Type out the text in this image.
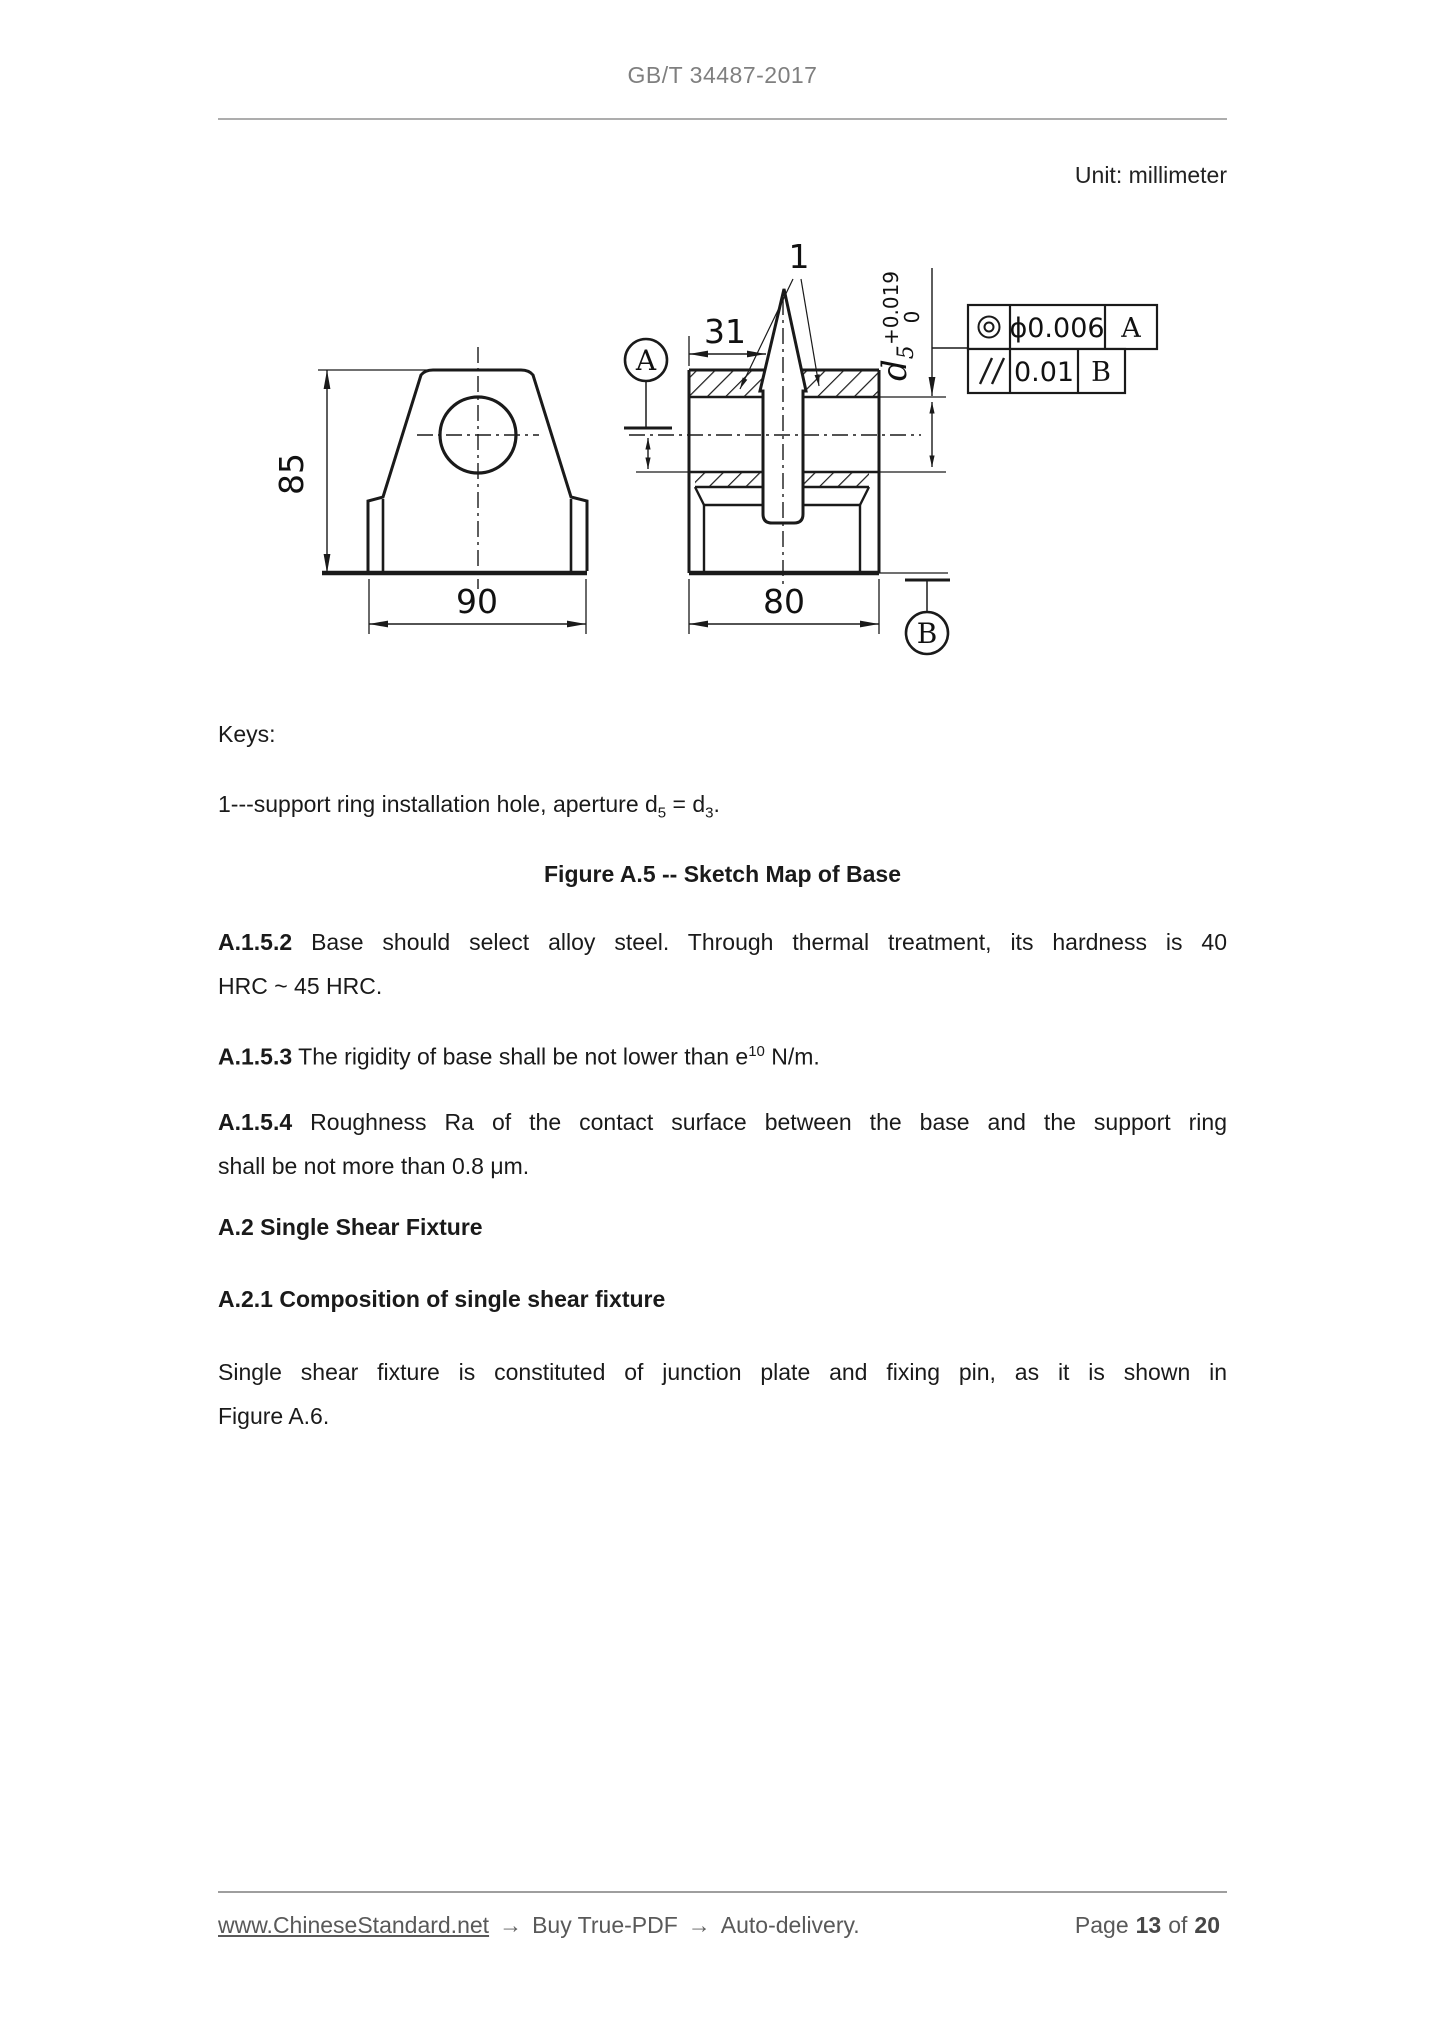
GB/T 34487-2017
Unit: millimeter
85
90
31
1
80
A
B
$d_5$
+0.019
0	ϕ0.006 A
0.01 B
Keys:
1---support ring installation hole, aperture $d_5 = d_3$.
Figure A.5 -- Sketch Map of Base
A.1.5.2 Base should select alloy steel. Through thermal treatment, its hardness is 40
HRC ~ 45 HRC.
A.1.5.3 The rigidity of base shall be not lower than $e^{10}$ N/m.
A.1.5.4 Roughness Ra of the contact surface between the base and the support ring
shall be not more than 0.8 μm.
A.2 Single Shear Fixture
A.2.1 Composition of single shear fixture
Single shear fixture is constituted of junction plate and fixing pin, as it is shown in
Figure A.6.
www.ChineseStandard.net → Buy True-PDF → Auto-delivery.	Page 13 of 20
